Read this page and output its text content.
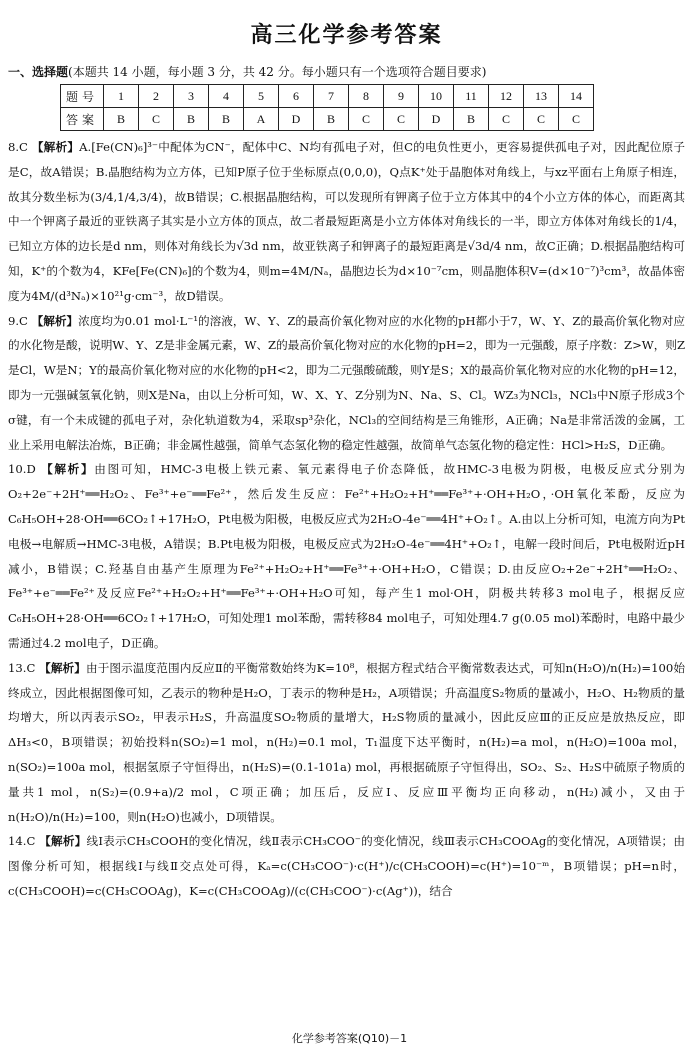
高三化学参考答案

一、选择题(本题共 14 小题，每小题 3 分，共 42 分。每小题只有一个选项符合题目要求)

题号	1	2	3	4	5	6	7	8	9	10	11	12	13	14
答案	B	C	B	B	A	D	B	C	C	D	B	C	C	C

8.C 【解析】A.[Fe(CN)₆]³⁻中配体为CN⁻，配体中C、N均有孤电子对，但C的电负性更小，更容易提供孤电子对，因此配位原子是C，故A错误；B.晶胞结构为立方体，已知P原子位于坐标原点(0,0,0)，Q点K⁺处于晶胞体对角线上，与xz平面右上角原子相连，故其分数坐标为(3/4,1/4,3/4)，故B错误；C.根据晶胞结构，可以发现所有钾离子位于立方体其中的4个小立方体的体心，而距离其中一个钾离子最近的亚铁离子其实是小立方体的顶点，故二者最短距离是小立方体体对角线长的一半，即立方体体对角线长的1/4，已知立方体的边长是d nm，则体对角线长为√3d nm，故亚铁离子和钾离子的最短距离是√3d/4 nm，故C正确；D.根据晶胞结构可知，K⁺的个数为4，KFe[Fe(CN)₆]的个数为4，则m=4M/Nₐ，晶胞边长为d×10⁻⁷cm，则晶胞体积V=(d×10⁻⁷)³cm³，故晶体密度为4M/(d³Nₐ)×10²¹g·cm⁻³，故D错误。

9.C 【解析】浓度均为0.01 mol·L⁻¹的溶液，W、Y、Z的最高价氧化物对应的水化物的pH都小于7，W、Y、Z的最高价氧化物对应的水化物是酸，说明W、Y、Z是非金属元素，W、Z的最高价氧化物对应的水化物的pH=2，即为一元强酸，原子序数：Z>W，则Z是Cl，W是N；Y的最高价氧化物对应的水化物的pH<2，即为二元强酸硫酸，则Y是S；X的最高价氧化物对应的水化物的pH=12，即为一元强碱氢氧化钠，则X是Na，由以上分析可知，W、X、Y、Z分别为N、Na、S、Cl。WZ₃为NCl₃，NCl₃中N原子形成3个σ键，有一个未成键的孤电子对，杂化轨道数为4，采取sp³杂化，NCl₃的空间结构是三角锥形，A正确；Na是非常活泼的金属，工业上采用电解法冶炼，B正确；非金属性越强，简单气态氢化物的稳定性越强，故简单气态氢化物的稳定性：HCl>H₂S，D正确。

10.D 【解析】由图可知，HMC-3电极上铁元素、氧元素得电子价态降低，故HMC-3电极为阴极，电极反应式分别为O₂+2e⁻+2H⁺══H₂O₂、Fe³⁺+e⁻══Fe²⁺，然后发生反应：Fe²⁺+H₂O₂+H⁺══Fe³⁺+·OH+H₂O，·OH氧化苯酚，反应为C₆H₅OH+28·OH══6CO₂↑+17H₂O，Pt电极为阳极，电极反应式为2H₂O-4e⁻══4H⁺+O₂↑。A.由以上分析可知，电流方向为Pt电极→电解质→HMC-3电极，A错误；B.Pt电极为阳极，电极反应式为2H₂O-4e⁻══4H⁺+O₂↑，电解一段时间后，Pt电极附近pH减小，B错误；C.羟基自由基产生原理为Fe²⁺+H₂O₂+H⁺══Fe³⁺+·OH+H₂O，C错误；D.由反应O₂+2e⁻+2H⁺══H₂O₂、Fe³⁺+e⁻══Fe²⁺及反应Fe²⁺+H₂O₂+H⁺══Fe³⁺+·OH+H₂O可知，每产生1 mol·OH，阴极共转移3 mol电子，根据反应C₆H₅OH+28·OH══6CO₂↑+17H₂O，可知处理1 mol苯酚，需转移84 mol电子，可知处理4.7 g(0.05 mol)苯酚时，电路中最少需通过4.2 mol电子，D正确。

13.C 【解析】由于图示温度范围内反应Ⅱ的平衡常数始终为K=10⁸，根据方程式结合平衡常数表达式，可知n(H₂O)/n(H₂)=100始终成立，因此根据图像可知，乙表示的物种是H₂O，丁表示的物种是H₂，A项错误；升高温度S₂物质的量减小，H₂O、H₂物质的量均增大，所以丙表示SO₂，甲表示H₂S，升高温度SO₂物质的量增大，H₂S物质的量减小，因此反应Ⅲ的正反应是放热反应，即ΔH₃<0，B项错误；初始投料n(SO₂)=1 mol，n(H₂)=0.1 mol，T₁温度下达平衡时，n(H₂)=a mol，n(H₂O)=100a mol，n(SO₂)=100a mol，根据氢原子守恒得出，n(H₂S)=(0.1-101a) mol，再根据硫原子守恒得出，SO₂、S₂、H₂S中硫原子物质的量共1 mol，n(S₂)=(0.9+a)/2 mol，C项正确；加压后，反应Ⅰ、反应Ⅲ平衡均正向移动，n(H₂)减小，又由于n(H₂O)/n(H₂)=100，则n(H₂O)也减小，D项错误。

14.C 【解析】线Ⅰ表示CH₃COOH的变化情况，线Ⅱ表示CH₃COO⁻的变化情况，线Ⅲ表示CH₃COOAg的变化情况，A项错误；由图像分析可知，根据线Ⅰ与线Ⅱ交点处可得，Kₐ=c(CH₃COO⁻)·c(H⁺)/c(CH₃COOH)=c(H⁺)=10⁻ᵐ，B项错误；pH=n时，c(CH₃COOH)=c(CH₃COOAg)，K=c(CH₃COOAg)/(c(CH₃COO⁻)·c(Ag⁺))，结合

化学参考答案(Q10)－1
